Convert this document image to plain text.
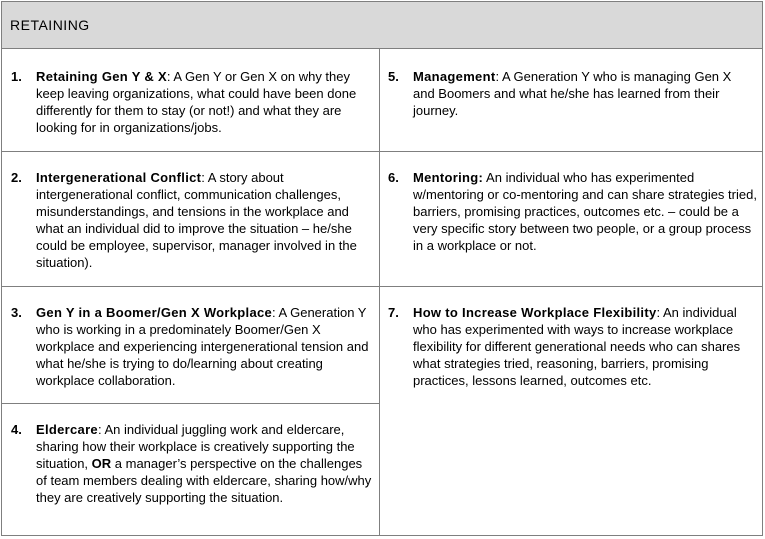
RETAINING
1. Retaining Gen Y & X: A Gen Y or Gen X on why they keep leaving organizations, what could have been done differently for them to stay (or not!) and what they are looking for in organizations/jobs.
2. Intergenerational Conflict: A story about intergenerational conflict, communication challenges, misunderstandings, and tensions in the workplace and what an individual did to improve the situation – he/she could be employee, supervisor, manager involved in the situation).
3. Gen Y in a Boomer/Gen X Workplace: A Generation Y who is working in a predominately Boomer/Gen X workplace and experiencing intergenerational tension and what he/she is trying to do/learning about creating workplace collaboration.
4. Eldercare: An individual juggling work and eldercare, sharing how their workplace is creatively supporting the situation, OR a manager’s perspective on the challenges of team members dealing with eldercare, sharing how/why they are creatively supporting the situation.
5. Management: A Generation Y who is managing Gen X and Boomers and what he/she has learned from their journey.
6. Mentoring: An individual who has experimented w/mentoring or co-mentoring and can share strategies tried, barriers, promising practices, outcomes etc. – could be a very specific story between two people, or a group process in a workplace or not.
7. How to Increase Workplace Flexibility: An individual who has experimented with ways to increase workplace flexibility for different generational needs who can shares what strategies tried, reasoning, barriers, promising practices, lessons learned, outcomes etc.
